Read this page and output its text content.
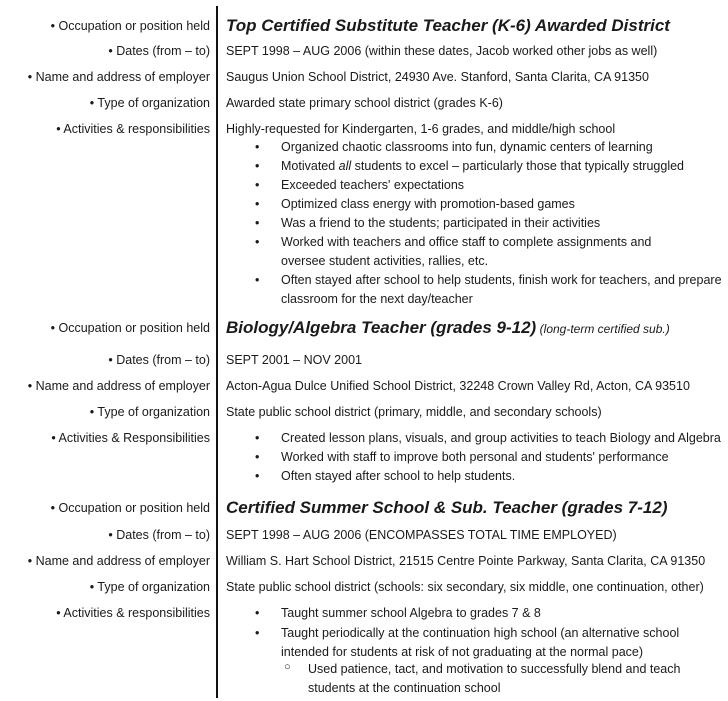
• Occupation or position held Top Certified Substitute Teacher (K-6) Awarded District
• Dates (from – to) SEPT 1998 – AUG 2006 (within these dates, Jacob worked other jobs as well)
• Name and address of employer Saugus Union School District, 24930 Ave. Stanford, Santa Clarita, CA 91350
• Type of organization Awarded state primary school district (grades K-6)
• Activities & responsibilities Highly-requested for Kindergarten, 1-6 grades, and middle/high school
• Organized chaotic classrooms into fun, dynamic centers of learning
• Motivated all students to excel – particularly those that typically struggled
• Exceeded teachers' expectations
• Optimized class energy with promotion-based games
• Was a friend to the students; participated in their activities
• Worked with teachers and office staff to complete assignments and
oversee student activities, rallies, etc.
• Often stayed after school to help students, finish work for teachers, and prepare
classroom for the next day/teacher
• Occupation or position held Biology/Algebra Teacher (grades 9-12) (long-term certified sub.)
• Dates (from – to) SEPT 2001 – NOV 2001
• Name and address of employer Acton-Agua Dulce Unified School District, 32248 Crown Valley Rd, Acton, CA 93510
• Type of organization State public school district (primary, middle, and secondary schools)
• Activities & Responsibilities	• Created lesson plans, visuals, and group activities to teach Biology and Algebra
• Worked with staff to improve both personal and students' performance
• Often stayed after school to help students.
• Occupation or position held Certified Summer School & Sub. Teacher (grades 7-12)
• Dates (from – to) SEPT 1998 – AUG 2006 (ENCOMPASSES TOTAL TIME EMPLOYED)
• Name and address of employer William S. Hart School District, 21515 Centre Pointe Parkway, Santa Clarita, CA 91350
• Type of organization State public school district (schools: six secondary, six middle, one continuation, other)
• Activities & responsibilities	• Taught summer school Algebra to grades 7 & 8
• Taught periodically at the continuation high school (an alternative school
intended for students at risk of not graduating at the normal pace)
○ Used patience, tact, and motivation to successfully blend and teach
students at the continuation school
